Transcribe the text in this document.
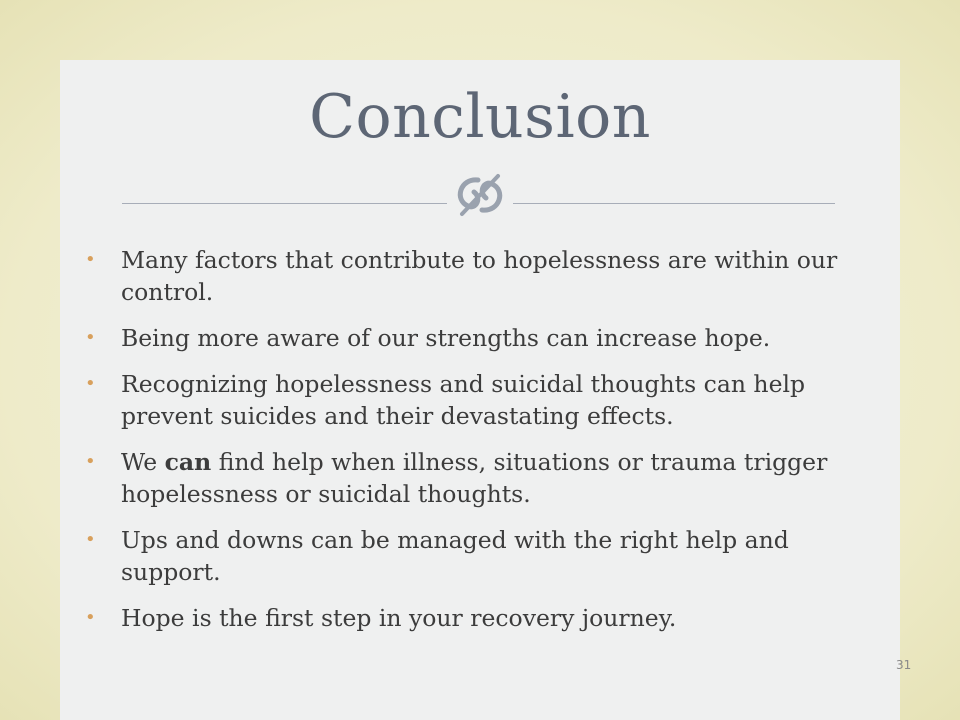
Conclusion
• Many factors that contribute to hopelessness are within our control.
• Being more aware of our strengths can increase hope.
• Recognizing hopelessness and suicidal thoughts can help prevent suicides and their devastating effects.
• We can find help when illness, situations or trauma trigger hopelessness or suicidal thoughts.
• Ups and downs can be managed with the right help and support.
• Hope is the first step in your recovery journey.
31
